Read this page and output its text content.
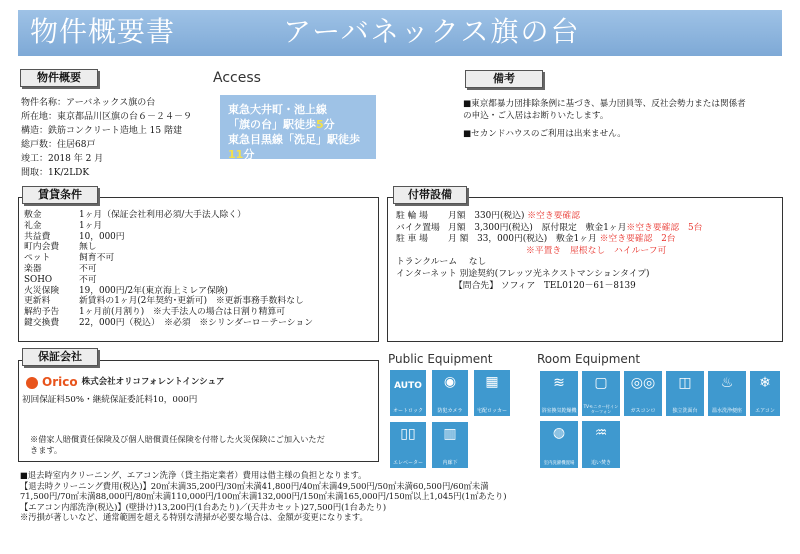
物件概要書	アーバネックス旗の台
物件概要
物件名称：アーバネックス旗の台
所在地：東京都品川区旗の台６－２４－９
構造：鉄筋コンクリート造地上 15 階建
総戸数：住居68戸
竣工：2018 年 2 月
間取：1K/2LDK
Access
東急大井町・池上線
「旗の台」駅徒歩5分
東急目黒線「洗足」駅徒歩11分
備考
■東京都暴力団排除条例に基づき、暴力団員等、反社会勢力または関係者
の申込・ご入居はお断りいたします。
■セカンドハウスのご利用は出来ません。
賃貸条件
敷金	1ヶ月（保証会社利用必須/大手法人除く）
礼金	1ヶ月
共益費	10，000円
町内会費	無し
ペット	飼育不可
楽器	不可
SOHO	不可
火災保険	19，000円/2年(東京海上ミレア保険)
更新料	新賃料の1ヶ月(2年契約･更新可)　※更新事務手数料なし
解約予告	1ヶ月前(月割り)　※大手法人の場合は日割り精算可
鍵交換費	22，000円（税込）　※必須　※シリンダーロ－テーション
付帯設備
駐 輪 場	月額　330円(税込)
※空き要確認
バイク置場 月額　3,300円(税込)　原付限定　敷金1ヶ月 ※空き要確認　5台
駐 車 場	月 額　33，000円(税込)　敷金1ヶ月
※空き要確認　2台
※平置き　屋根なし　ハイルーフ可
トランクルーム　 なし
インターネット 別途契約(フレッツ光ネクストマンションタイプ)
【問合先】 ソフィア　TEL0120－61－8139
保証会社
Orico 株式会社オリコフォレントインシュア
初回保証料50%・継続保証委託料10，000円
※借家人賠償責任保険及び個人賠償責任保険を付帯した火災保険にご加入いただ
きます。
Public Equipment
AUTO
オートロック
◉
防犯カメラ
▦
宅配ロッカー
▯▯
エレベーター
▥
内廊下
Room Equipment
≋
浴室換気乾燥機
▢
TVモニター付インターフォン
◎◎
ガスコンロ
◫
独立洗面台
♨
温水洗浄便座
❄
エアコン
◍
室内洗濯機置場
♒
追い焚き
■退去時室内クリーニング、エアコン洗浄（貸主指定業者）費用は借主様の負担となります。
【退去時クリーニング費用(税込)】20㎡未満35,200円/30㎡未満41,800円/40㎡未満49,500円/50㎡未満60,500円/60㎡未満
71,500円/70㎡未満88,000円/80㎡未満110,000円/100㎡未満132,000円/150㎡未満165,000円/150㎡以上1,045円(1㎡あたり)
【エアコン内部洗浄(税込)】(壁掛け)13,200円(1台あたり)／(天井カセット)27,500円(1台あたり)
※汚損が著しいなど、通常範囲を超える特別な清掃が必要な場合は、金額が変更になります。
